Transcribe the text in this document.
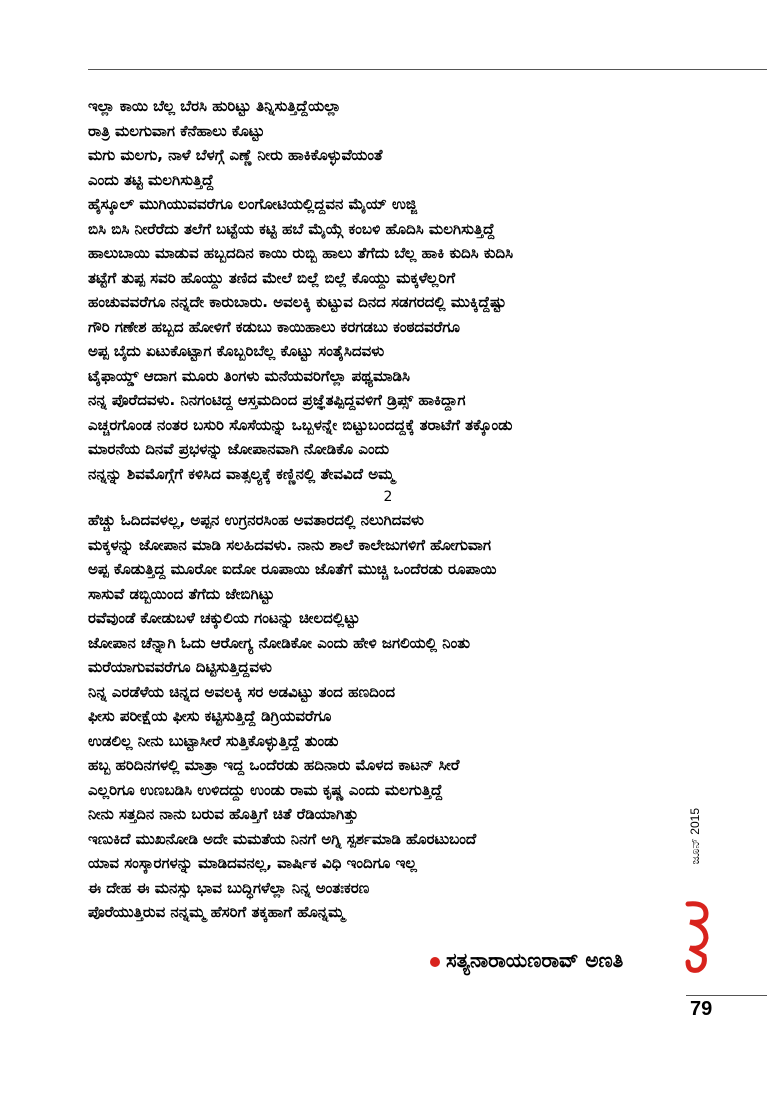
ಇಲ್ಲಾ ಕಾಯಿ ಬೆಲ್ಲ ಬೆರಸಿ ಹುರಿಟ್ಟು ತಿನ್ನಿಸುತ್ತಿದ್ದೆಯಲ್ಲಾ
ರಾತ್ರಿ ಮಲಗುವಾಗ ಕೆನೆಹಾಲು ಕೊಟ್ಟು
ಮಗು ಮಲಗು, ನಾಳೆ ಬೆಳಗ್ಗೆ ಎಣ್ಣೆ ನೀರು ಹಾಕಿಕೊಳ್ಳುವೆಯಂತೆ
ಎಂದು ತಟ್ಟಿ ಮಲಗಿಸುತ್ತಿದ್ದೆ
ಹೈಸ್ಕೂಲ್ ಮುಗಿಯುವವರೆಗೂ ಲಂಗೋಟಿಯಲ್ಲಿದ್ದವನ ಮೈಯ್ ಉಜ್ಜಿ
ಬಿಸಿ ಬಿಸಿ ನೀರೆರೆದು ತಲೆಗೆ ಬಟ್ಟೆಯ ಕಟ್ಟಿ ಹಬೆ ಮೈಯ್ಗೆ ಕಂಬಳಿ ಹೊದಿಸಿ ಮಲಗಿಸುತ್ತಿದ್ದೆ
ಹಾಲುಬಾಯಿ ಮಾಡುವ ಹಬ್ಬದದಿನ ಕಾಯಿ ರುಬ್ಬಿ ಹಾಲು ತೆಗೆದು ಬೆಲ್ಲ ಹಾಕಿ ಕುದಿಸಿ ಕುದಿಸಿ
ತಟ್ಟೆಗೆ ತುಪ್ಪ ಸವರಿ ಹೊಯ್ದು ತಣಿದ ಮೇಲೆ ಬಿಲ್ಲೆ ಬಿಲ್ಲೆ ಕೊಯ್ದು ಮಕ್ಕಳೆಲ್ಲರಿಗೆ
ಹಂಚುವವರೆಗೂ ನನ್ನದೇ ಕಾರುಬಾರು. ಅವಲಕ್ಕಿ ಕುಟ್ಟುವ ದಿನದ ಸಡಗರದಲ್ಲಿ ಮುಕ್ಕಿದ್ದೆಷ್ಟು
ಗೌರಿ ಗಣೇಶ ಹಬ್ಬದ ಹೋಳಿಗೆ ಕಡುಬು ಕಾಯಿಹಾಲು ಕರಗಡಬು ಕಂಠದವರೆಗೂ
ಅಪ್ಪ ಬೈದು ಏಟುಕೊಟ್ಟಾಗ ಕೊಬ್ಬರಿಬೆಲ್ಲ ಕೊಟ್ಟು ಸಂತೈಸಿದವಳು
ಟೈಫಾಯ್ಡ್ ಆದಾಗ ಮೂರು ತಿಂಗಳು ಮನೆಯವರಿಗೆಲ್ಲಾ ಪಥ್ಯಮಾಡಿಸಿ
ನನ್ನ ಪೊರೆದವಳು. ನಿನಗಂಟಿದ್ದ ಆಸ್ತಮದಿಂದ ಪ್ರಜ್ಞೆತಪ್ಪಿದ್ದವಳಿಗೆ ಡ್ರಿಪ್ಸ್ ಹಾಕಿದ್ದಾಗ
ಎಚ್ಚರಗೊಂಡ ನಂತರ ಬಸುರಿ ಸೊಸೆಯನ್ನು ಒಬ್ಬಳನ್ನೇ ಬಿಟ್ಟುಬಂದದ್ದಕ್ಕೆ ತರಾಟೆಗೆ ತಕ್ಕೊಂಡು
ಮಾರನೆಯ ದಿನವೆ ಪ್ರಭಳನ್ನು ಜೋಪಾನವಾಗಿ ನೋಡಿಕೊ ಎಂದು
ನನ್ನನ್ನು ಶಿವಮೊಗ್ಗೆಗೆ ಕಳಿಸಿದ ವಾತ್ಸಲ್ಯಕ್ಕೆ ಕಣ್ಣಿನಲ್ಲಿ ತೇವವಿದೆ ಅಮ್ಮ
2
ಹೆಚ್ಚು ಓದಿದವಳಲ್ಲ, ಅಪ್ಪನ ಉಗ್ರನರಸಿಂಹ ಅವತಾರದಲ್ಲಿ ನಲುಗಿದವಳು
ಮಕ್ಕಳನ್ನು ಜೋಪಾನ ಮಾಡಿ ಸಲಹಿದವಳು. ನಾನು ಶಾಲೆ ಕಾಲೇಜುಗಳಿಗೆ ಹೋಗುವಾಗ
ಅಪ್ಪ ಕೊಡುತ್ತಿದ್ದ ಮೂರೋ ಐದೋ ರೂಪಾಯಿ ಜೊತೆಗೆ ಮುಚ್ಚಿ ಒಂದೆರಡು ರೂಪಾಯಿ
ಸಾಸುವೆ ಡಬ್ಬಿಯಿಂದ ತೆಗೆದು ಜೇಬಿಗಿಟ್ಟು
ರವೆವುಂಡೆ ಕೋಡುಬಳೆ ಚಕ್ಕುಲಿಯ ಗಂಟನ್ನು ಚೀಲದಲ್ಲಿಟ್ಟು
ಜೋಪಾನ ಚೆನ್ನಾಗಿ ಓದು ಆರೋಗ್ಯ ನೋಡಿಕೋ ಎಂದು ಹೇಳಿ ಜಗಲಿಯಲ್ಲಿ ನಿಂತು
ಮರೆಯಾಗುವವರೆಗೂ ದಿಟ್ಟಿಸುತ್ತಿದ್ದವಳು
ನಿನ್ನ ಎರಡೆಳೆಯ ಚಿನ್ನದ ಅವಲಕ್ಕಿ ಸರ ಅಡವಿಟ್ಟು ತಂದ ಹಣದಿಂದ
ಫೀಸು ಪರೀಕ್ಷೆಯ ಫೀಸು ಕಟ್ಟಿಸುತ್ತಿದ್ದೆ ಡಿಗ್ರಿಯವರೆಗೂ
ಉಡಲಿಲ್ಲ ನೀನು ಬುಟ್ಟಾಸೀರೆ ಸುತ್ತಿಕೊಳ್ಳುತ್ತಿದ್ದೆ ತುಂಡು
ಹಬ್ಬ ಹರಿದಿನಗಳಲ್ಲಿ ಮಾತ್ರಾ ಇದ್ದ ಒಂದೆರಡು ಹದಿನಾರು ಮೊಳದ ಕಾಟನ್ ಸೀರೆ
ಎಲ್ಲರಿಗೂ ಉಣಬಡಿಸಿ ಉಳಿದದ್ದು ಉಂಡು ರಾಮ ಕೃಷ್ಣ ಎಂದು ಮಲಗುತ್ತಿದ್ದೆ
ನೀನು ಸತ್ತದಿನ ನಾನು ಬರುವ ಹೊತ್ತಿಗೆ ಚಿತೆ ರೆಡಿಯಾಗಿತ್ತು
ಇಣುಕಿದೆ ಮುಖನೋಡಿ ಅದೇ ಮಮತೆಯ ನಿನಗೆ ಅಗ್ನಿ ಸ್ಪರ್ಶಮಾಡಿ ಹೊರಟುಬಂದೆ
ಯಾವ ಸಂಸ್ಕಾರಗಳನ್ನು ಮಾಡಿದವನಲ್ಲ, ವಾರ್ಷಿಕ ವಿಧಿ ಇಂದಿಗೂ ಇಲ್ಲ
ಈ ದೇಹ ಈ ಮನಸ್ಸು ಭಾವ ಬುದ್ಧಿಗಳೆಲ್ಲಾ ನಿನ್ನ ಅಂತಃಕರಣ
ಪೊರೆಯುತ್ತಿರುವ ನನ್ನಮ್ಮ ಹೆಸರಿಗೆ ತಕ್ಕಹಾಗೆ ಹೊನ್ನಮ್ಮ
ಸತ್ಯನಾರಾಯಣರಾವ್ ಅಣತಿ
ಜೂನ್ 2015
79
